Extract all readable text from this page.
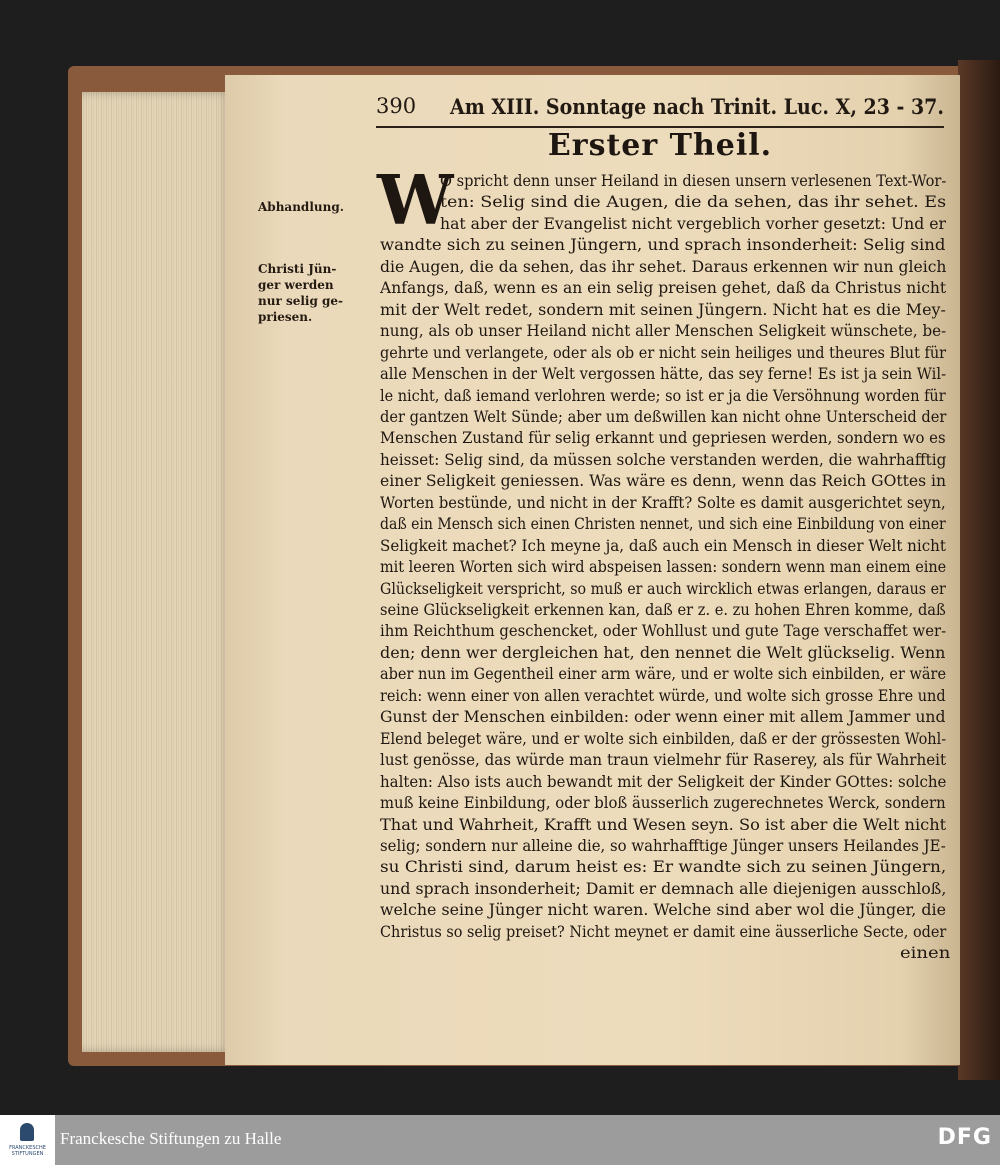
390 Am XIII. Sonntage nach Trinit. Luc. X, 23 - 37.
Erster Theil.
W
Abhandlung.
Christi Jün-
ger werden
nur selig ge-
priesen.
O spricht denn unser Heiland in diesen unsern verlesenen Text-Wor-
ten: Selig sind die Augen, die da sehen, das ihr sehet. Es
hat aber der Evangelist nicht vergeblich vorher gesetzt: Und er
wandte sich zu seinen Jüngern, und sprach insonderheit: Selig sind
die Augen, die da sehen, das ihr sehet. Daraus erkennen wir nun gleich
Anfangs, daß, wenn es an ein selig preisen gehet, daß da Christus nicht
mit der Welt redet, sondern mit seinen Jüngern. Nicht hat es die Mey-
nung, als ob unser Heiland nicht aller Menschen Seligkeit wünschete, be-
gehrte und verlangete, oder als ob er nicht sein heiliges und theures Blut für
alle Menschen in der Welt vergossen hätte, das sey ferne! Es ist ja sein Wil-
le nicht, daß iemand verlohren werde; so ist er ja die Versöhnung worden für
der gantzen Welt Sünde; aber um deßwillen kan nicht ohne Unterscheid der
Menschen Zustand für selig erkannt und gepriesen werden, sondern wo es
heisset: Selig sind, da müssen solche verstanden werden, die wahrhafftig
einer Seligkeit geniessen. Was wäre es denn, wenn das Reich GOttes in
Worten bestünde, und nicht in der Krafft? Solte es damit ausgerichtet seyn,
daß ein Mensch sich einen Christen nennet, und sich eine Einbildung von einer
Seligkeit machet? Ich meyne ja, daß auch ein Mensch in dieser Welt nicht
mit leeren Worten sich wird abspeisen lassen: sondern wenn man einem eine
Glückseligkeit verspricht, so muß er auch wircklich etwas erlangen, daraus er
seine Glückseligkeit erkennen kan, daß er z. e. zu hohen Ehren komme, daß
ihm Reichthum geschencket, oder Wohllust und gute Tage verschaffet wer-
den; denn wer dergleichen hat, den nennet die Welt glückselig. Wenn
aber nun im Gegentheil einer arm wäre, und er wolte sich einbilden, er wäre
reich: wenn einer von allen verachtet würde, und wolte sich grosse Ehre und
Gunst der Menschen einbilden: oder wenn einer mit allem Jammer und
Elend beleget wäre, und er wolte sich einbilden, daß er der grössesten Wohl-
lust genösse, das würde man traun vielmehr für Raserey, als für Wahrheit
halten: Also ists auch bewandt mit der Seligkeit der Kinder GOttes: solche
muß keine Einbildung, oder bloß äusserlich zugerechnetes Werck, sondern
That und Wahrheit, Krafft und Wesen seyn. So ist aber die Welt nicht
selig; sondern nur alleine die, so wahrhafftige Jünger unsers Heilandes JE-
su Christi sind, darum heist es: Er wandte sich zu seinen Jüngern,
und sprach insonderheit; Damit er demnach alle diejenigen ausschloß,
welche seine Jünger nicht waren. Welche sind aber wol die Jünger, die
Christus so selig preiset? Nicht meynet er damit eine äusserliche Secte, oder
einen
FRANCKESCHE STIFTUNGEN
Franckesche Stiftungen zu Halle	DFG
